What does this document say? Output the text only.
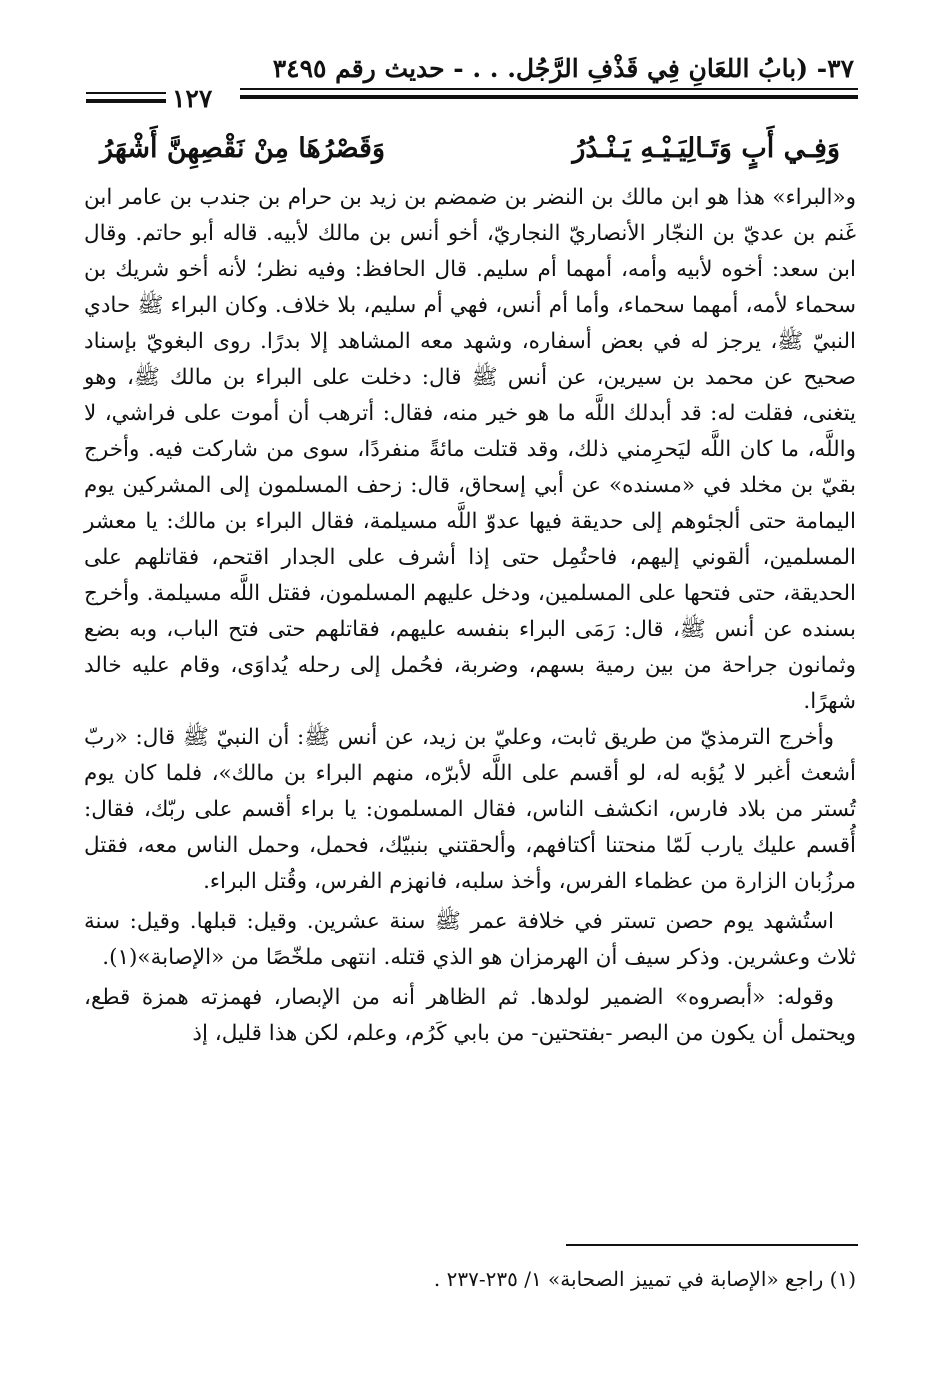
٣٧- (بابُ اللعَانِ فِي قَذْفِ الرَّجُل. . . - حديث رقم ٣٤٩٥
١٢٧
وَفِـي أَبٍ وَتَـالِيَـيْـهِ يَـنْـدُرُ
وَقَصْرُهَا مِنْ نَقْصِهِنَّ أَشْهَرُ

و«البراء» هذا هو ابن مالك بن النضر بن ضمضم بن زيد بن حرام بن جندب بن عامر ابن غَنم بن عديّ بن النجّار الأنصاريّ النجاريّ، أخو أنس بن مالك لأبيه. قاله أبو حاتم. وقال ابن سعد: أخوه لأبيه وأمه، أمهما أم سليم. قال الحافظ: وفيه نظر؛ لأنه أخو شريك بن سحماء لأمه، أمهما سحماء، وأما أم أنس، فهي أم سليم، بلا خلاف. وكان البراء ﷺ حادي النبيّ ﷺ، يرجز له في بعض أسفاره، وشهد معه المشاهد إلا بدرًا. روى البغويّ بإسناد صحيح عن محمد بن سيرين، عن أنس ﷺ قال: دخلت على البراء بن مالك ﷺ، وهو يتغنى، فقلت له: قد أبدلك اللَّه ما هو خير منه، فقال: أترهب أن أموت على فراشي، لا واللَّه، ما كان اللَّه ليَحرِمني ذلك، وقد قتلت مائةً منفردًا، سوى من شاركت فيه. وأخرج بقيّ بن مخلد في «مسنده» عن أبي إسحاق، قال: زحف المسلمون إلى المشركين يوم اليمامة حتى ألجئوهم إلى حديقة فيها عدوّ اللَّه مسيلمة، فقال البراء بن مالك: يا معشر المسلمين، ألقوني إليهم، فاحتُمِل حتى إذا أشرف على الجدار اقتحم، فقاتلهم على الحديقة، حتى فتحها على المسلمين، ودخل عليهم المسلمون، فقتل اللَّه مسيلمة. وأخرج بسنده عن أنس ﷺ، قال: رَمَى البراء بنفسه عليهم، فقاتلهم حتى فتح الباب، وبه بضع وثمانون جراحة من بين رمية بسهم، وضربة، فحُمل إلى رحله يُداوَى، وقام عليه خالد شهرًا.

وأخرج الترمذيّ من طريق ثابت، وعليّ بن زيد، عن أنس ﷺ: أن النبيّ ﷺ قال: «ربّ أشعث أغبر لا يُؤبه له، لو أقسم على اللَّه لأبرّه، منهم البراء بن مالك»، فلما كان يوم تُستر من بلاد فارس، انكشف الناس، فقال المسلمون: يا براء أقسم على ربّك، فقال: أُقسم عليك يارب لَمّا منحتنا أكتافهم، وألحقتني بنبيّك، فحمل، وحمل الناس معه، فقتل مرزُبان الزارة من عظماء الفرس، وأخذ سلبه، فانهزم الفرس، وقُتل البراء.

استُشهد يوم حصن تستر في خلافة عمر ﷺ سنة عشرين. وقيل: قبلها. وقيل: سنة ثلاث وعشرين. وذكر سيف أن الهرمزان هو الذي قتله. انتهى ملخّصًا من «الإصابة»(١).

وقوله: «أبصروه» الضمير لولدها. ثم الظاهر أنه من الإبصار، فهمزته همزة قطع، ويحتمل أن يكون من البصر -بفتحتين- من بابي كَرُم، وعلم، لكن هذا قليل، إذ

(١) راجع «الإصابة في تمييز الصحابة» ١/ ٢٣٥-٢٣٧ .
